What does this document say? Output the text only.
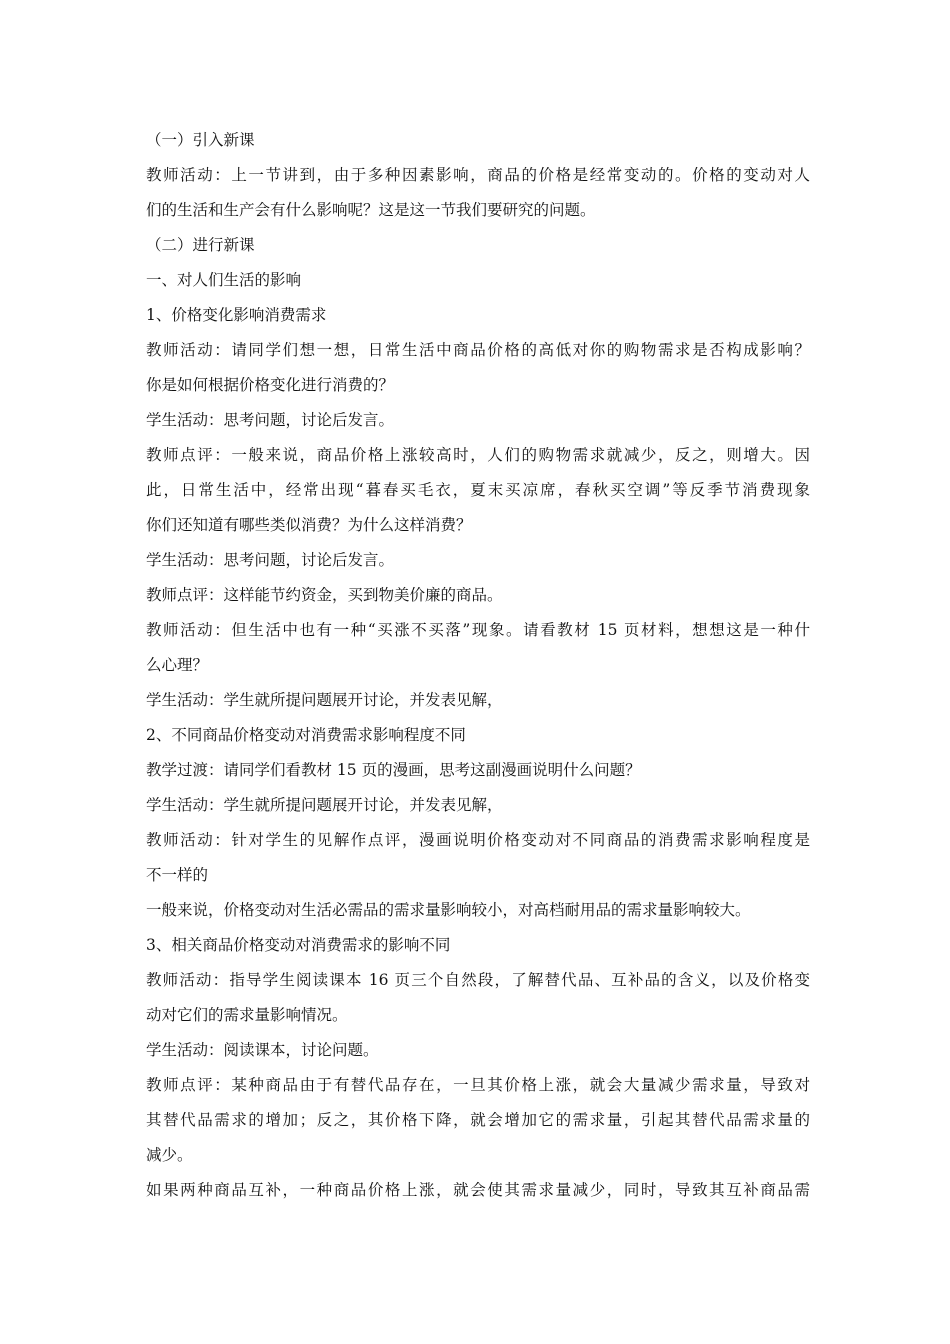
（一）引入新课
教师活动：上一节讲到，由于多种因素影响，商品的价格是经常变动的。价格的变动对人
们的生活和生产会有什么影响呢？这是这一节我们要研究的问题。
（二）进行新课
一、对人们生活的影响
1、价格变化影响消费需求
教师活动：请同学们想一想，日常生活中商品价格的高低对你的购物需求是否构成影响？
你是如何根据价格变化进行消费的？
学生活动：思考问题，讨论后发言。
教师点评：一般来说，商品价格上涨较高时，人们的购物需求就减少，反之，则增大。因
此，日常生活中，经常出现“暮春买毛衣，夏末买凉席，春秋买空调”等反季节消费现象
你们还知道有哪些类似消费？为什么这样消费？
学生活动：思考问题，讨论后发言。
教师点评：这样能节约资金，买到物美价廉的商品。
教师活动：但生活中也有一种“买涨不买落”现象。请看教材 15 页材料，想想这是一种什
么心理？
学生活动：学生就所提问题展开讨论，并发表见解，
2、不同商品价格变动对消费需求影响程度不同
教学过渡：请同学们看教材 15 页的漫画，思考这副漫画说明什么问题？
学生活动：学生就所提问题展开讨论，并发表见解，
教师活动：针对学生的见解作点评，漫画说明价格变动对不同商品的消费需求影响程度是
不一样的
一般来说，价格变动对生活必需品的需求量影响较小，对高档耐用品的需求量影响较大。
3、相关商品价格变动对消费需求的影响不同
教师活动：指导学生阅读课本 16 页三个自然段，了解替代品、互补品的含义，以及价格变
动对它们的需求量影响情况。
学生活动：阅读课本，讨论问题。
教师点评：某种商品由于有替代品存在，一旦其价格上涨，就会大量减少需求量，导致对
其替代品需求的增加；反之，其价格下降，就会增加它的需求量，引起其替代品需求量的
减少。
如果两种商品互补，一种商品价格上涨，就会使其需求量减少，同时，导致其互补商品需
